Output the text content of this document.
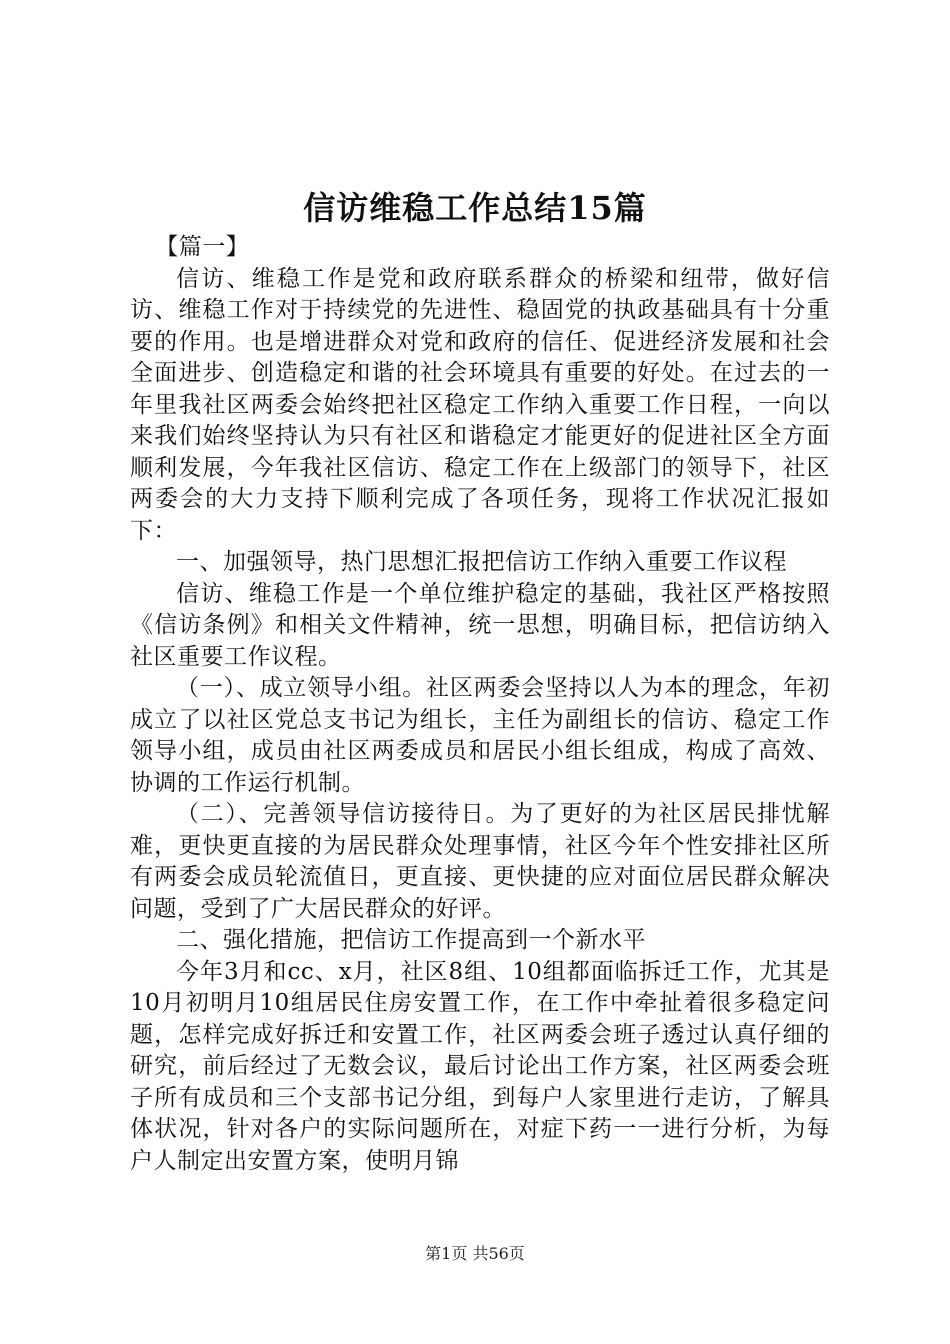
信访维稳工作总结15篇

【篇一】

信访、维稳工作是党和政府联系群众的桥梁和纽带，做好信访、维稳工作对于持续党的先进性、稳固党的执政基础具有十分重要的作用。也是增进群众对党和政府的信任、促进经济发展和社会全面进步、创造稳定和谐的社会环境具有重要的好处。在过去的一年里我社区两委会始终把社区稳定工作纳入重要工作日程，一向以来我们始终坚持认为只有社区和谐稳定才能更好的促进社区全方面顺利发展，今年我社区信访、稳定工作在上级部门的领导下，社区两委会的大力支持下顺利完成了各项任务，现将工作状况汇报如下：

一、加强领导，热门思想汇报把信访工作纳入重要工作议程

信访、维稳工作是一个单位维护稳定的基础，我社区严格按照《信访条例》和相关文件精神，统一思想，明确目标，把信访纳入社区重要工作议程。

（一）、成立领导小组。社区两委会坚持以人为本的理念，年初成立了以社区党总支书记为组长，主任为副组长的信访、稳定工作领导小组，成员由社区两委成员和居民小组长组成，构成了高效、协调的工作运行机制。

（二）、完善领导信访接待日。为了更好的为社区居民排忧解难，更快更直接的为居民群众处理事情，社区今年个性安排社区所有两委会成员轮流值日，更直接、更快捷的应对面位居民群众解决问题，受到了广大居民群众的好评。

二、强化措施，把信访工作提高到一个新水平

今年3月和cc、x月，社区8组、10组都面临拆迁工作，尤其是10月初明月10组居民住房安置工作，在工作中牵扯着很多稳定问题，怎样完成好拆迁和安置工作，社区两委会班子透过认真仔细的研究，前后经过了无数会议，最后讨论出工作方案，社区两委会班子所有成员和三个支部书记分组，到每户人家里进行走访，了解具体状况，针对各户的实际问题所在，对症下药一一进行分析，为每户人制定出安置方案，使明月锦

第1页 共56页
